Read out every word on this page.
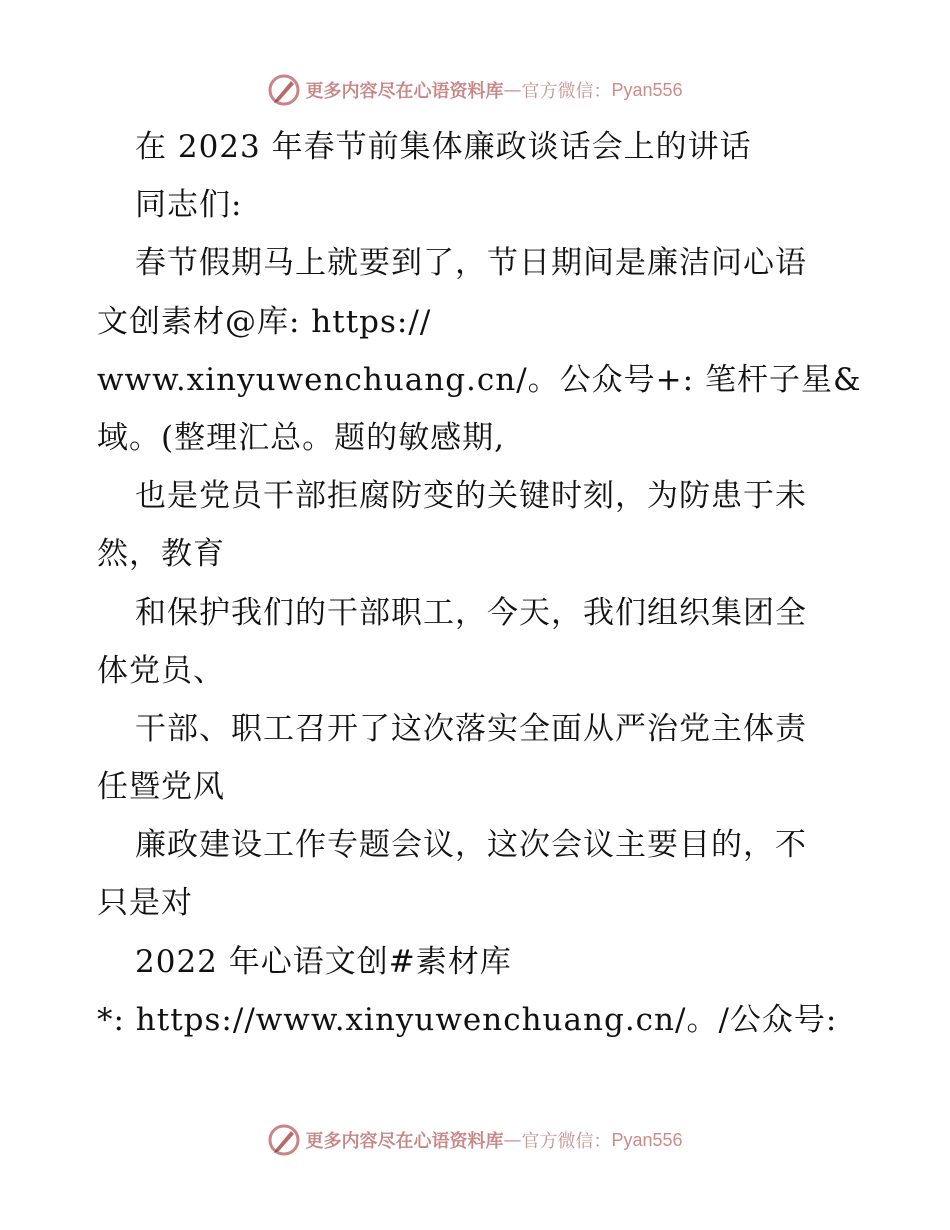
更多内容尽在心语资料库 — 官方微信： Pyan556
在 2023 年春节前集体廉政谈话会上的讲话
同志们:
春节假期马上就要到了，节日期间是廉洁问心语
文创素材@库: https://
www.xinyuwenchuang.cn/。公众号+: 笔杆子星&
域。(整理汇总。题的敏感期,
也是党员干部拒腐防变的关键时刻，为防患于未
然，教育
和保护我们的干部职工，今天，我们组织集团全
体党员、
干部、职工召开了这次落实全面从严治党主体责
任暨党风
廉政建设工作专题会议，这次会议主要目的，不
只是对
2022 年心语文创#素材库
*: https://www.xinyuwenchuang.cn/。/公众号:
更多内容尽在心语资料库 — 官方微信： Pyan556
